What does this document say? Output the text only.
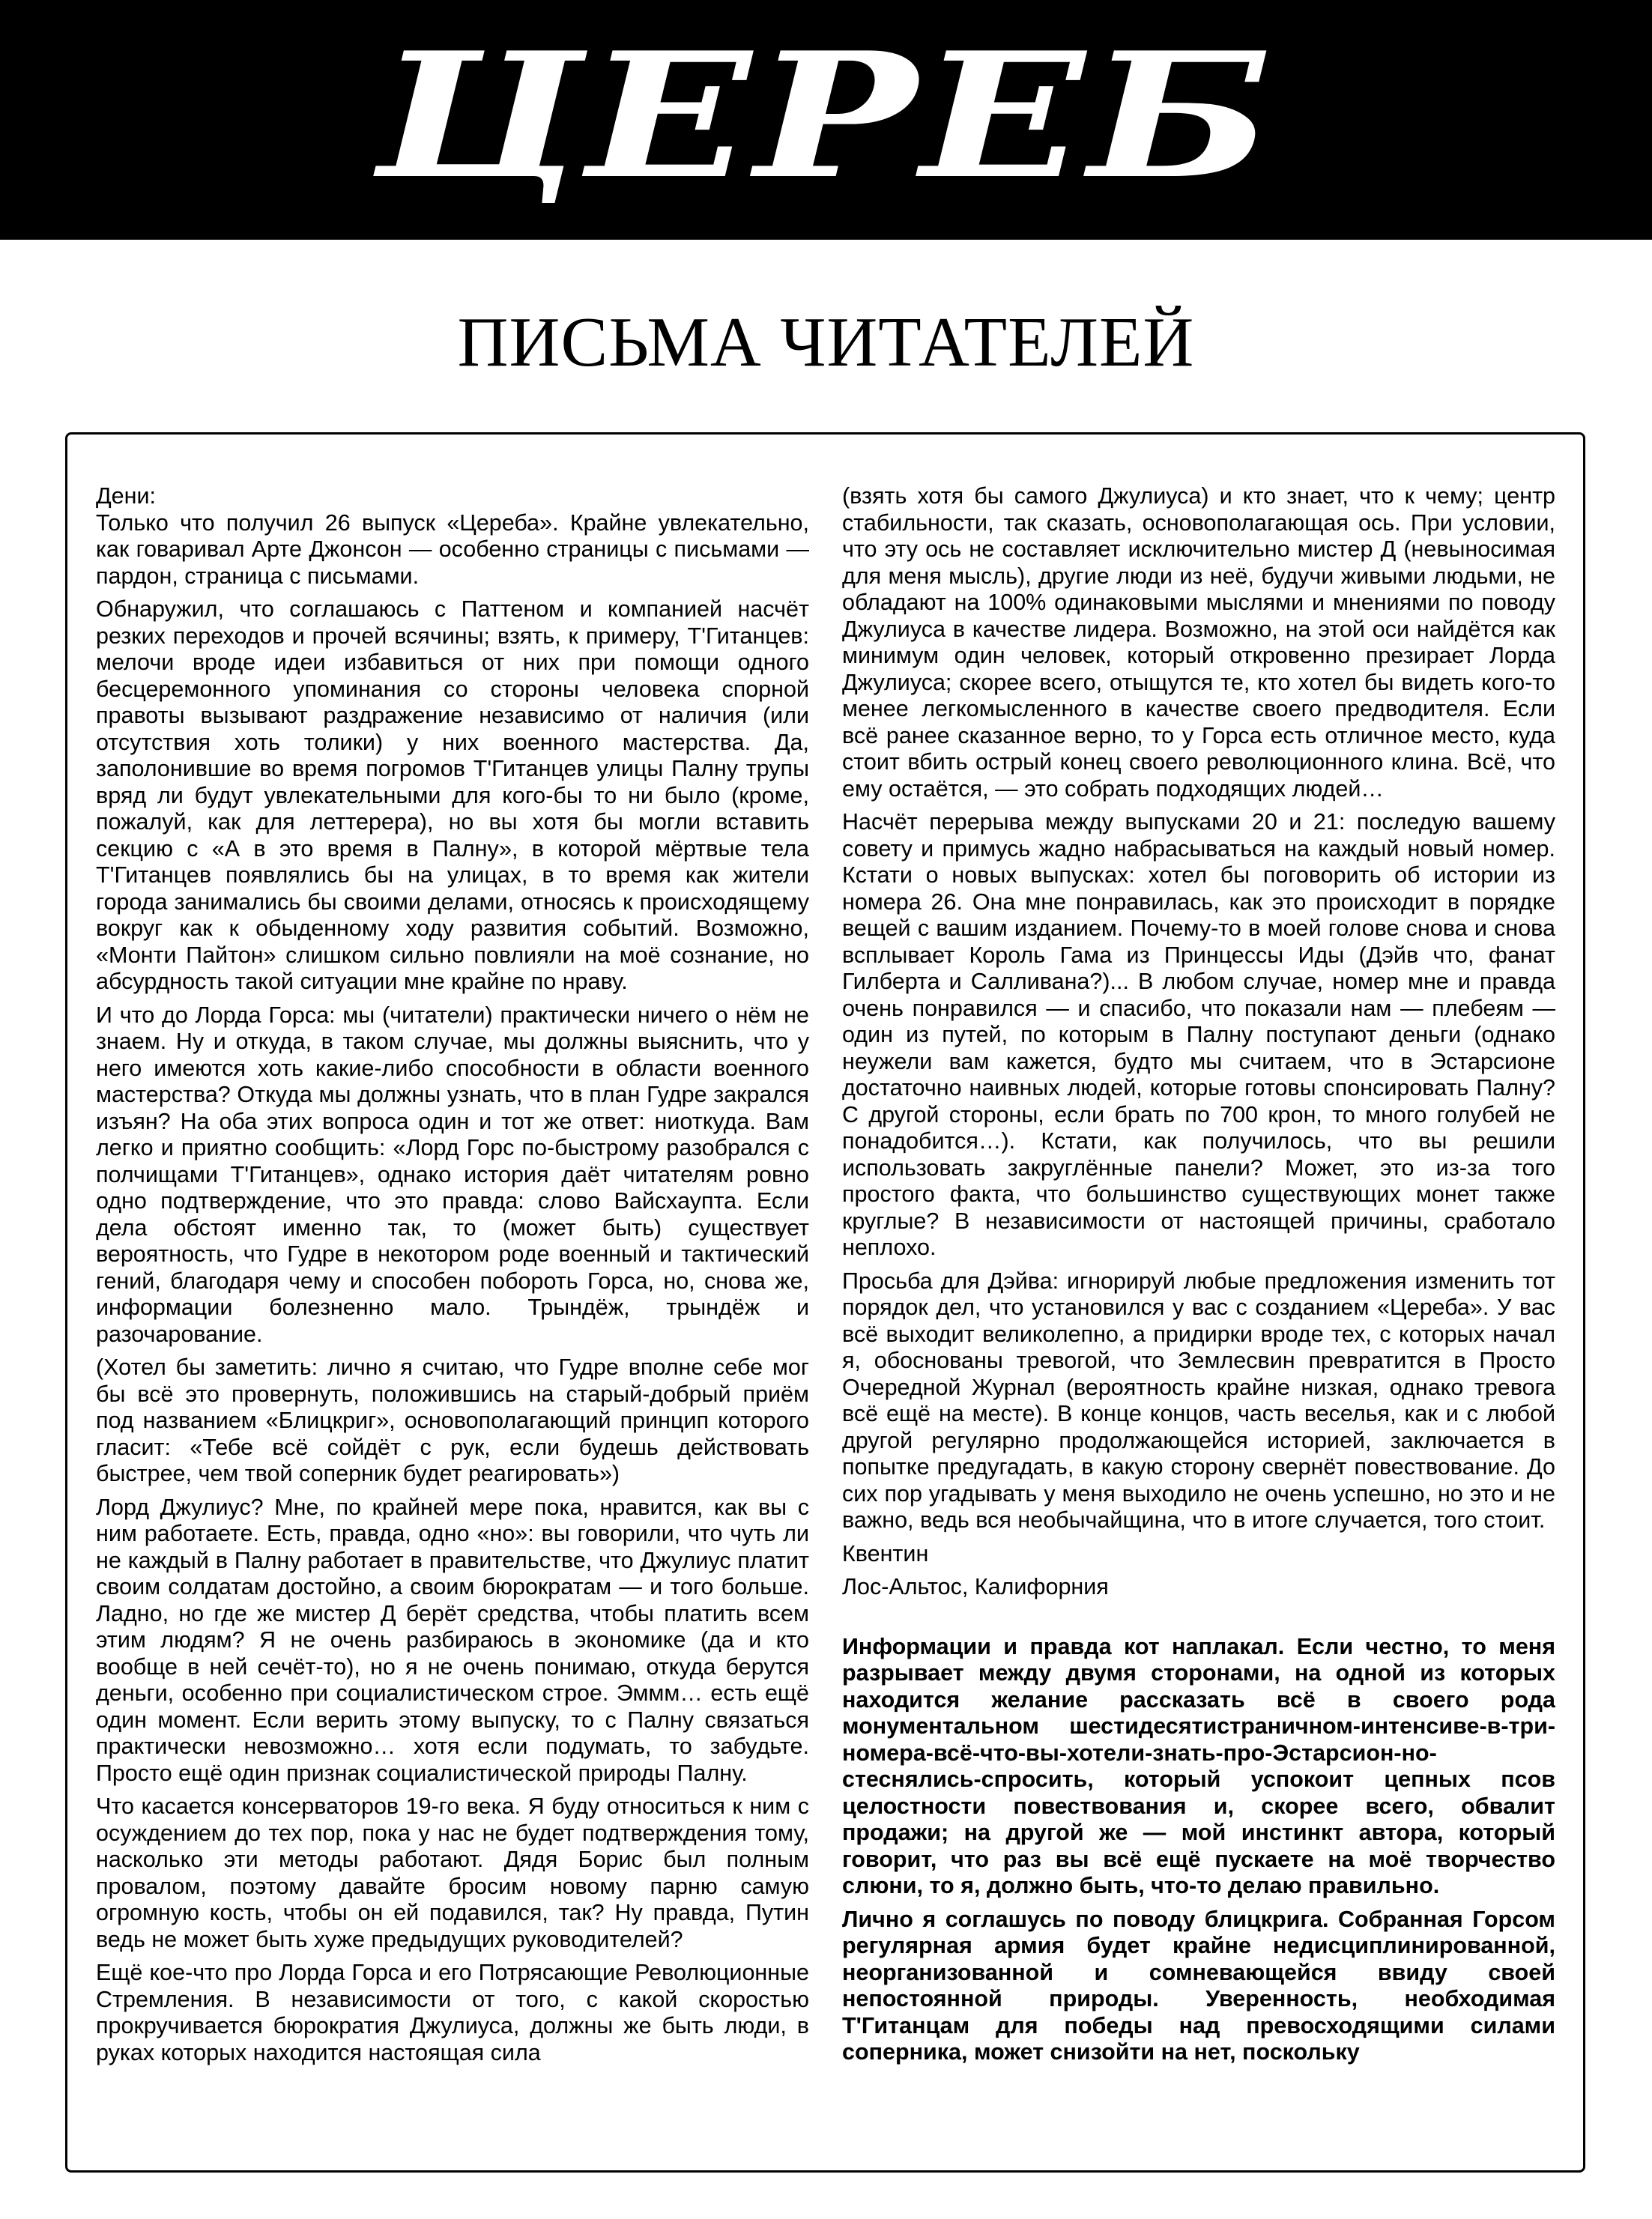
ЦЕРЕБ
ПИСЬМА ЧИТАТЕЛЕЙ

Дени:

Только что получил 26 выпуск «Цереба». Крайне увлекательно, как говаривал Арте Джонсон — особенно страницы с письмами — пардон, страница с письмами.

Обнаружил, что соглашаюсь с Паттеном и компанией насчёт резких переходов и прочей всячины; взять, к примеру, Т'Гитанцев: мелочи вроде идеи избавиться от них при помощи одного бесцеремонного упоминания со стороны человека спорной правоты вызывают раздражение независимо от наличия (или отсутствия хоть толики) у них военного мастерства. Да, заполонившие во время погромов Т'Гитанцев улицы Палну трупы вряд ли будут увлекательными для кого-бы то ни было (кроме, пожалуй, как для леттерера), но вы хотя бы могли вставить секцию с «А в это время в Палну», в которой мёртвые тела Т'Гитанцев появлялись бы на улицах, в то время как жители города занимались бы своими делами, относясь к происходящему вокруг как к обыденному ходу развития событий. Возможно, «Монти Пайтон» слишком сильно повлияли на моё сознание, но абсурдность такой ситуации мне крайне по нраву.

И что до Лорда Горса: мы (читатели) практически ничего о нём не знаем. Ну и откуда, в таком случае, мы должны выяснить, что у него имеются хоть какие-либо способности в области военного мастерства? Откуда мы должны узнать, что в план Гудре закрался изъян? На оба этих вопроса один и тот же ответ: ниоткуда. Вам легко и приятно сообщить: «Лорд Горс по-быстрому разобрался с полчищами Т'Гитанцев», однако история даёт читателям ровно одно подтверждение, что это правда: слово Вайсхаупта. Если дела обстоят именно так, то (может быть) существует вероятность, что Гудре в некотором роде военный и тактический гений, благодаря чему и способен побороть Горса, но, снова же, информации болезненно мало. Трындёж, трындёж и разочарование.

(Хотел бы заметить: лично я считаю, что Гудре вполне себе мог бы всё это провернуть, положившись на старый-добрый приём под названием «Блицкриг», основополагающий принцип которого гласит: «Тебе всё сойдёт с рук, если будешь действовать быстрее, чем твой соперник будет реагировать»)

Лорд Джулиус? Мне, по крайней мере пока, нравится, как вы с ним работаете. Есть, правда, одно «но»: вы говорили, что чуть ли не каждый в Палну работает в правительстве, что Джулиус платит своим солдатам достойно, а своим бюрократам — и того больше. Ладно, но где же мистер Д берёт средства, чтобы платить всем этим людям? Я не очень разбираюсь в экономике (да и кто вообще в ней сечёт-то), но я не очень понимаю, откуда берутся деньги, особенно при социалистическом строе. Эммм… есть ещё один момент. Если верить этому выпуску, то с Палну связаться практически невозможно… хотя если подумать, то забудьте. Просто ещё один признак социалистической природы Палну.

Что касается консерваторов 19-го века. Я буду относиться к ним с осуждением до тех пор, пока у нас не будет подтверждения тому, насколько эти методы работают. Дядя Борис был полным провалом, поэтому давайте бросим новому парню самую огромную кость, чтобы он ей подавился, так? Ну правда, Путин ведь не может быть хуже предыдущих руководителей?

Ещё кое-что про Лорда Горса и его Потрясающие Революционные Стремления. В независимости от того, с какой скоростью прокручивается бюрократия Джулиуса, должны же быть люди, в руках которых находится настоящая сила

(взять хотя бы самого Джулиуса) и кто знает, что к чему; центр стабильности, так сказать, основополагающая ось. При условии, что эту ось не составляет исключительно мистер Д (невыносимая для меня мысль), другие люди из неё, будучи живыми людьми, не обладают на 100% одинаковыми мыслями и мнениями по поводу Джулиуса в качестве лидера. Возможно, на этой оси найдётся как минимум один человек, который откровенно презирает Лорда Джулиуса; скорее всего, отыщутся те, кто хотел бы видеть кого-то менее легкомысленного в качестве своего предводителя. Если всё ранее сказанное верно, то у Горса есть отличное место, куда стоит вбить острый конец своего революционного клина. Всё, что ему остаётся, — это собрать подходящих людей…

Насчёт перерыва между выпусками 20 и 21: последую вашему совету и примусь жадно набрасываться на каждый новый номер. Кстати о новых выпусках: хотел бы поговорить об истории из номера 26. Она мне понравилась, как это происходит в порядке вещей с вашим изданием. Почему-то в моей голове снова и снова всплывает Король Гама из Принцессы Иды (Дэйв что, фанат Гилберта и Салливана?)... В любом случае, номер мне и правда очень понравился — и спасибо, что показали нам — плебеям — один из путей, по которым в Палну поступают деньги (однако неужели вам кажется, будто мы считаем, что в Эстарсионе достаточно наивных людей, которые готовы спонсировать Палну? С другой стороны, если брать по 700 крон, то много голубей не понадобится…). Кстати, как получилось, что вы решили использовать закруглённые панели? Может, это из-за того простого факта, что большинство существующих монет также круглые? В независимости от настоящей причины, сработало неплохо.

Просьба для Дэйва: игнорируй любые предложения изменить тот порядок дел, что установился у вас с созданием «Цереба». У вас всё выходит великолепно, а придирки вроде тех, с которых начал я, обоснованы тревогой, что Землесвин превратится в Просто Очередной Журнал (вероятность крайне низкая, однако тревога всё ещё на месте). В конце концов, часть веселья, как и с любой другой регулярно продолжающейся историей, заключается в попытке предугадать, в какую сторону свернёт повествование. До сих пор угадывать у меня выходило не очень успешно, но это и не важно, ведь вся необычайщина, что в итоге случается, того стоит.

Квентин

Лос-Альтос, Калифорния

Информации и правда кот наплакал. Если честно, то меня разрывает между двумя сторонами, на одной из которых находится желание рассказать всё в своего рода монументальном шестидесятистраничном-интенсиве-в-три-номера-всё-что-вы-хотели-знать-про-Эстарсион-но-стеснялись-спросить, который успокоит цепных псов целостности повествования и, скорее всего, обвалит продажи; на другой же — мой инстинкт автора, который говорит, что раз вы всё ещё пускаете на моё творчество слюни, то я, должно быть, что-то делаю правильно.

Лично я соглашусь по поводу блицкрига. Собранная Горсом регулярная армия будет крайне недисциплинированной, неорганизованной и сомневающейся ввиду своей непостоянной природы. Уверенность, необходимая Т'Гитанцам для победы над превосходящими силами соперника, может снизойти на нет, поскольку
